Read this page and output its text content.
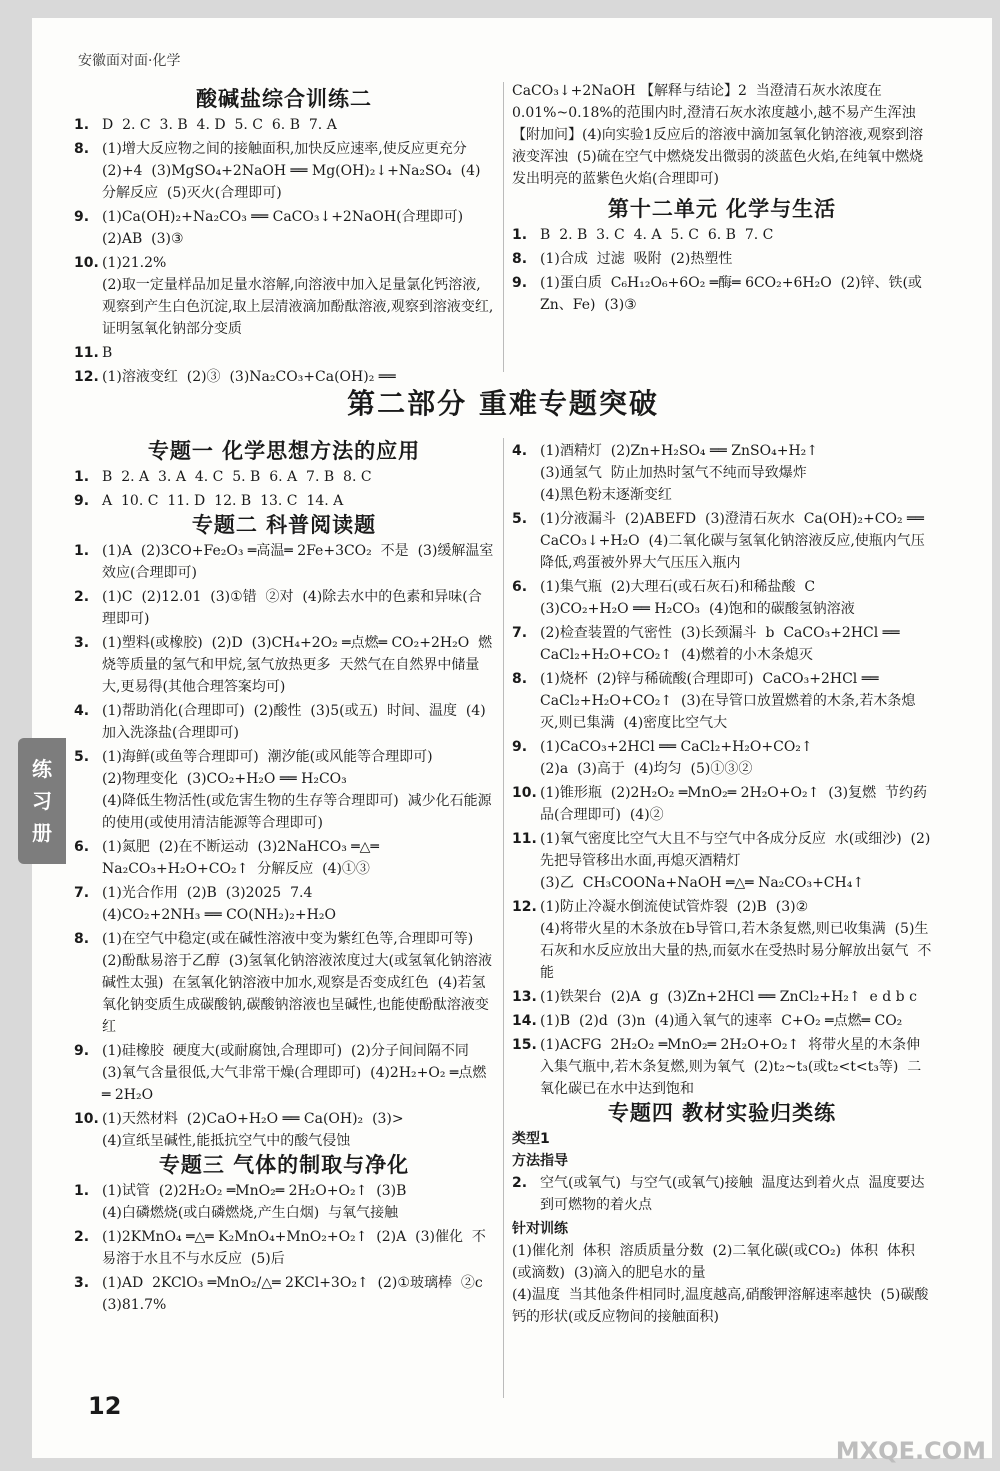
安徽面对面·化学
练
习
册
酸碱盐综合训练二
1. D  2. C  3. B  4. D  5. C  6. B  7. A
8. (1)增大反应物之间的接触面积,加快反应速率,使反应更充分  (2)+4  (3)MgSO₄+2NaOH ══ Mg(OH)₂↓+Na₂SO₄  (4)分解反应  (5)灭火(合理即可)
9. (1)Ca(OH)₂+Na₂CO₃ ══ CaCO₃↓+2NaOH(合理即可)  (2)AB  (3)③
10. (1)21.2%
(2)取一定量样品加足量水溶解,向溶液中加入足量氯化钙溶液,观察到产生白色沉淀,取上层清液滴加酚酞溶液,观察到溶液变红,证明氢氧化钠部分变质
11. B
12. (1)溶液变红  (2)③  (3)Na₂CO₃+Ca(OH)₂ ══
CaCO₃↓+2NaOH 【解释与结论】2  当澄清石灰水浓度在0.01%~0.18%的范围内时,澄清石灰水浓度越小,越不易产生浑浊 【附加问】(4)向实验1反应后的溶液中滴加氢氧化钠溶液,观察到溶液变浑浊  (5)硫在空气中燃烧发出微弱的淡蓝色火焰,在纯氧中燃烧发出明亮的蓝紫色火焰(合理即可)
第十二单元 化学与生活
1. B  2. B  3. C  4. A  5. C  6. B  7. C
8. (1)合成  过滤  吸附  (2)热塑性
9. (1)蛋白质  C₆H₁₂O₆+6O₂ ═酶═ 6CO₂+6H₂O  (2)锌、铁(或Zn、Fe)  (3)③
第二部分 重难专题突破
专题一 化学思想方法的应用
1. B  2. A  3. A  4. C  5. B  6. A  7. B  8. C
9. A  10. C  11. D  12. B  13. C  14. A
专题二 科普阅读题
1. (1)A  (2)3CO+Fe₂O₃ ═高温═ 2Fe+3CO₂  不是  (3)缓解温室效应(合理即可)
2. (1)C  (2)12.01  (3)①错  ②对  (4)除去水中的色素和异味(合理即可)
3. (1)塑料(或橡胶)  (2)D  (3)CH₄+2O₂ ═点燃═ CO₂+2H₂O  燃烧等质量的氢气和甲烷,氢气放热更多  天然气在自然界中储量大,更易得(其他合理答案均可)
4. (1)帮助消化(合理即可)  (2)酸性  (3)5(或五)  时间、温度  (4)加入洗涤盐(合理即可)
5. (1)海鲜(或鱼等合理即可)  潮汐能(或风能等合理即可)
(2)物理变化  (3)CO₂+H₂O ══ H₂CO₃
(4)降低生物活性(或危害生物的生存等合理即可)  减少化石能源的使用(或使用清洁能源等合理即可)
6. (1)氮肥  (2)在不断运动  (3)2NaHCO₃ ═△═ Na₂CO₃+H₂O+CO₂↑  分解反应  (4)①③
7. (1)光合作用  (2)B  (3)2025  7.4
(4)CO₂+2NH₃ ══ CO(NH₂)₂+H₂O
8. (1)在空气中稳定(或在碱性溶液中变为紫红色等,合理即可等)  (2)酚酞易溶于乙醇  (3)氢氧化钠溶液浓度过大(或氢氧化钠溶液碱性太强)  在氢氧化钠溶液中加水,观察是否变成红色  (4)若氢氧化钠变质生成碳酸钠,碳酸钠溶液也呈碱性,也能使酚酞溶液变红
9. (1)硅橡胶  硬度大(或耐腐蚀,合理即可)  (2)分子间间隔不同  (3)氧气含量很低,大气非常干燥(合理即可)  (4)2H₂+O₂ ═点燃═ 2H₂O
10. (1)天然材料  (2)CaO+H₂O ══ Ca(OH)₂  (3)>
(4)宣纸呈碱性,能抵抗空气中的酸气侵蚀
专题三 气体的制取与净化
1. (1)试管  (2)2H₂O₂ ═MnO₂═ 2H₂O+O₂↑  (3)B
(4)白磷燃烧(或白磷燃烧,产生白烟)  与氧气接触
2. (1)2KMnO₄ ═△═ K₂MnO₄+MnO₂+O₂↑  (2)A  (3)催化  不易溶于水且不与水反应  (5)后
3. (1)AD  2KClO₃ ═MnO₂/△═ 2KCl+3O₂↑  (2)①玻璃棒  ②c  (3)81.7%
4. (1)酒精灯  (2)Zn+H₂SO₄ ══ ZnSO₄+H₂↑
(3)通氢气  防止加热时氢气不纯而导致爆炸
(4)黑色粉末逐渐变红
5. (1)分液漏斗  (2)ABEFD  (3)澄清石灰水  Ca(OH)₂+CO₂ ══ CaCO₃↓+H₂O  (4)二氧化碳与氢氧化钠溶液反应,使瓶内气压降低,鸡蛋被外界大气压压入瓶内
6. (1)集气瓶  (2)大理石(或石灰石)和稀盐酸  C
(3)CO₂+H₂O ══ H₂CO₃  (4)饱和的碳酸氢钠溶液
7. (2)检查装置的气密性  (3)长颈漏斗  b  CaCO₃+2HCl ══ CaCl₂+H₂O+CO₂↑  (4)燃着的小木条熄灭
8. (1)烧杯  (2)锌与稀硫酸(合理即可)  CaCO₃+2HCl ══ CaCl₂+H₂O+CO₂↑  (3)在导管口放置燃着的木条,若木条熄灭,则已集满  (4)密度比空气大
9. (1)CaCO₃+2HCl ══ CaCl₂+H₂O+CO₂↑
(2)a  (3)高于  (4)均匀  (5)①③②
10. (1)锥形瓶  (2)2H₂O₂ ═MnO₂═ 2H₂O+O₂↑  (3)复燃  节约药品(合理即可)  (4)②
11. (1)氧气密度比空气大且不与空气中各成分反应  水(或细沙)  (2)先把导管移出水面,再熄灭酒精灯
(3)乙  CH₃COONa+NaOH ═△═ Na₂CO₃+CH₄↑
12. (1)防止冷凝水倒流使试管炸裂  (2)B  (3)②
(4)将带火星的木条放在b导管口,若木条复燃,则已收集满  (5)生石灰和水反应放出大量的热,而氨水在受热时易分解放出氨气  不能
13. (1)铁架台  (2)A  g  (3)Zn+2HCl ══ ZnCl₂+H₂↑  e d b c
14. (1)B  (2)d  (3)n  (4)通入氧气的速率  C+O₂ ═点燃═ CO₂
15. (1)ACFG  2H₂O₂ ═MnO₂═ 2H₂O+O₂↑  将带火星的木条伸入集气瓶中,若木条复燃,则为氧气  (2)t₂~t₃(或t₂<t<t₃等)  二氧化碳已在水中达到饱和
专题四 教材实验归类练
类型1
方法指导
2. 空气(或氧气)  与空气(或氧气)接触  温度达到着火点  温度要达到可燃物的着火点
针对训练
(1)催化剂  体积  溶质质量分数  (2)二氧化碳(或CO₂)  体积  体积(或滴数)  (3)滴入的肥皂水的量
(4)温度  当其他条件相同时,温度越高,硝酸钾溶解速率越快  (5)碳酸钙的形状(或反应物间的接触面积)
12
MXQE.COM
